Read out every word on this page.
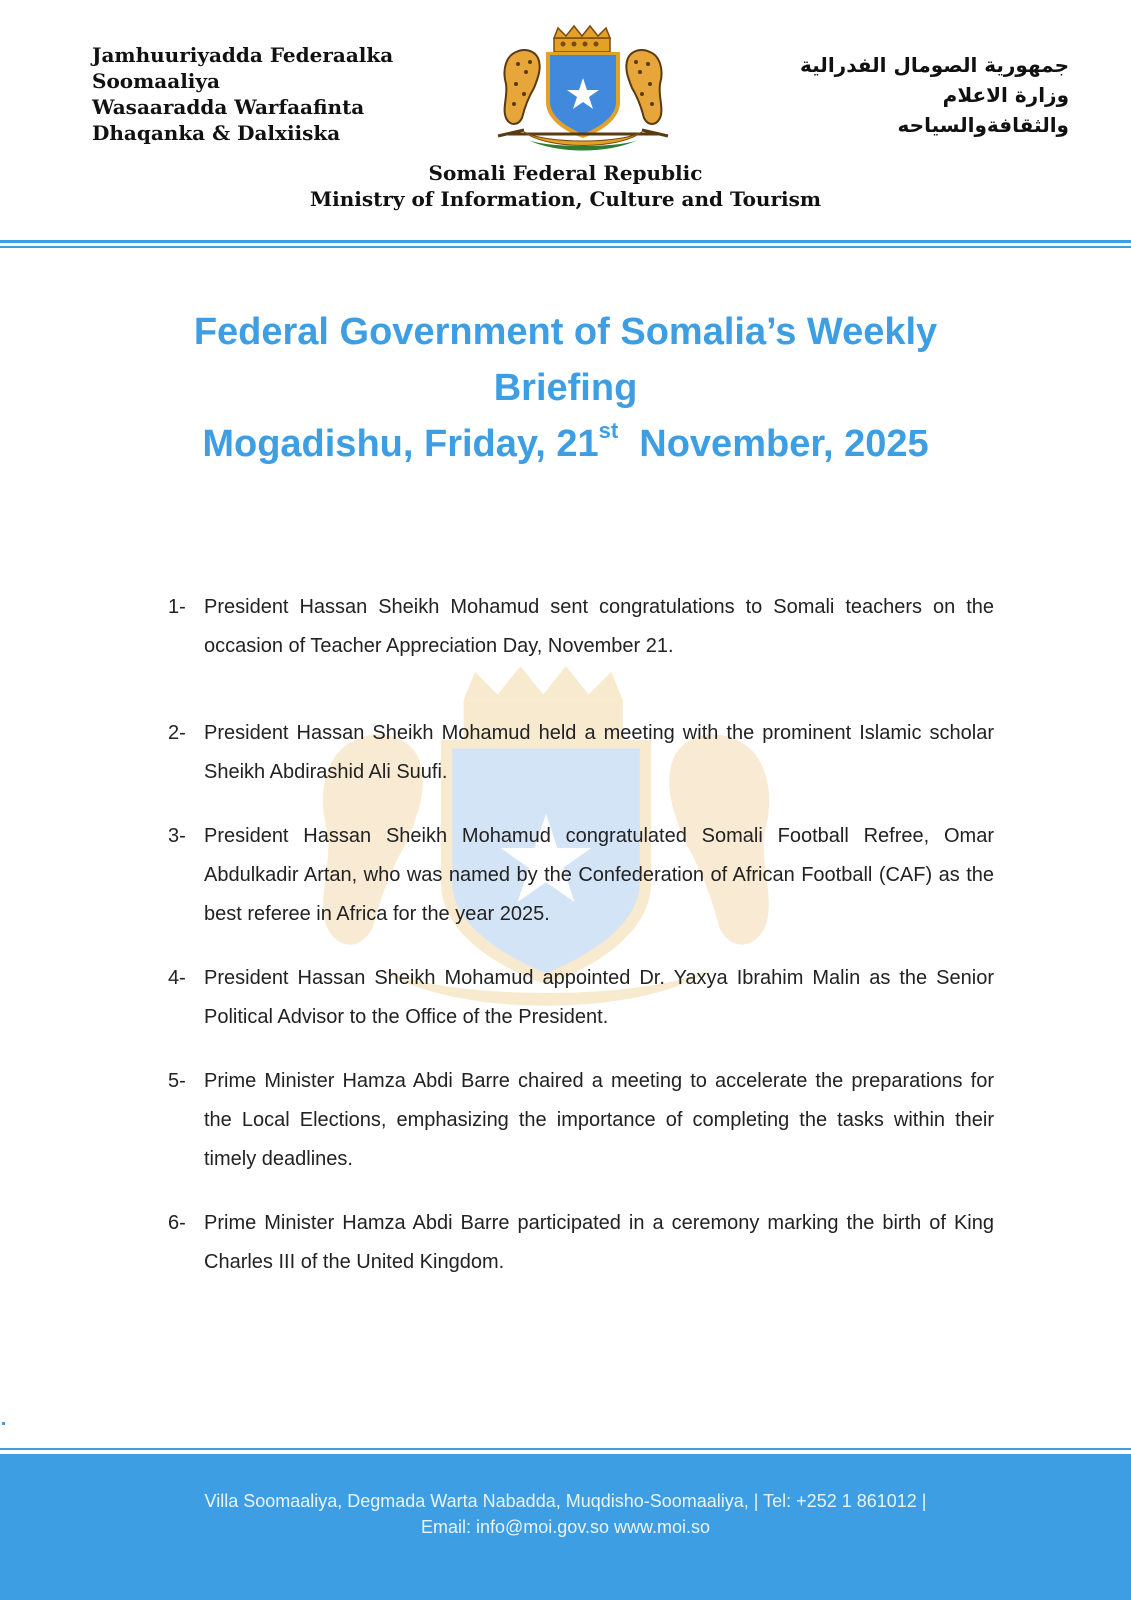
Jamhuuriyadda Federaalka
Soomaaliya
Wasaaradda Warfaafinta
Dhaqanka & Dalxiiska
جمهورية الصومال الفدرالية
وزارة الاعلام
والثقافةوالسياحه
Somali Federal Republic
Ministry of Information, Culture and Tourism
Federal Government of Somalia’s Weekly
Briefing
Mogadishu, Friday, 21st  November, 2025
1- President Hassan Sheikh Mohamud sent congratulations to Somali teachers on the occasion of Teacher Appreciation Day, November 21.
2- President Hassan Sheikh Mohamud held a meeting with the prominent Islamic scholar Sheikh Abdirashid Ali Suufi.
3- President Hassan Sheikh Mohamud congratulated Somali Football Refree, Omar Abdulkadir Artan, who was named by the Confederation of African Football (CAF) as the best referee in Africa for the year 2025.
4- President Hassan Sheikh Mohamud appointed Dr. Yaxya Ibrahim Malin as the Senior Political Advisor to the Office of the President.
5- Prime Minister Hamza Abdi Barre chaired a meeting to accelerate the preparations for the Local Elections, emphasizing the importance of completing the tasks within their timely deadlines.
6- Prime Minister Hamza Abdi Barre participated in a ceremony marking the birth of King Charles III of the United Kingdom.
Villa Soomaaliya, Degmada Warta Nabadda, Muqdisho-Soomaaliya, | Tel: +252 1 861012 |
Email: info@moi.gov.so www.moi.so
